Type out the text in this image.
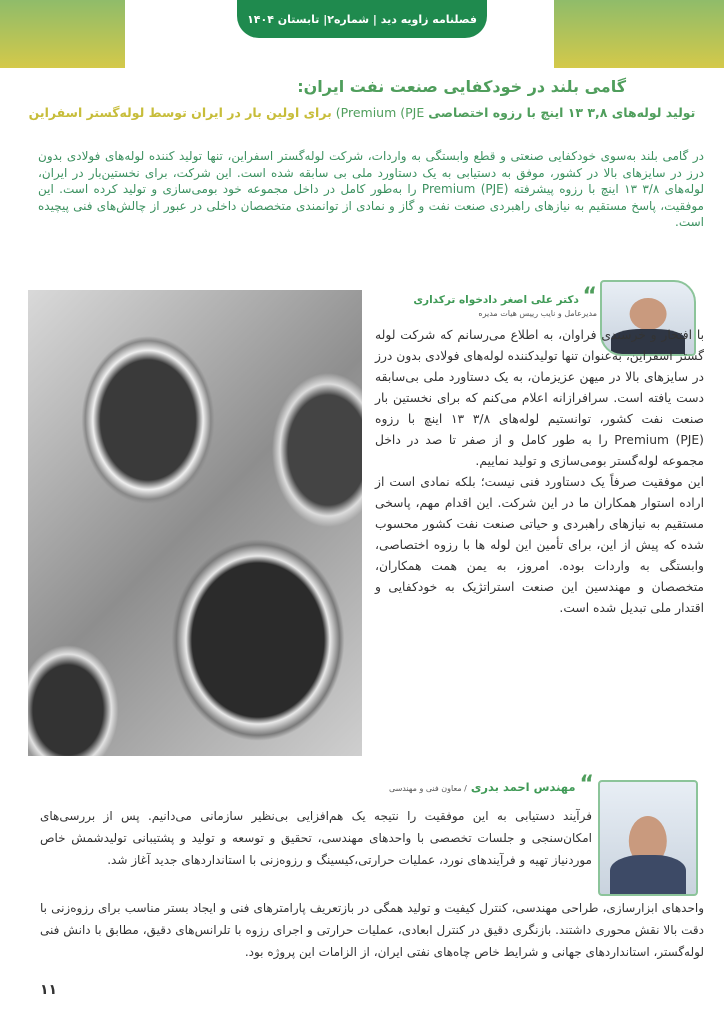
فصلنامه زاویه دید | شماره۲| تابستان ۱۴۰۴
گامی بلند در خودکفایی صنعت نفت ایران:
تولید لوله‌های ۳,۸ ۱۳ اینچ با رزوه اختصاصی (Premium (PJE برای اولین بار در ایران توسط لوله‌گستر اسفراین
در گامی بلند به‌سوی خودکفایی صنعتی و قطع وابستگی به واردات، شرکت لوله‌گستر اسفراین، تنها تولید کننده لوله‌های فولادی بدون درز در سایزهای بالا در کشور، موفق به دستیابی به یک دستاورد ملی بی سابقه شده است. این شرکت، برای نخستین‌بار در ایران، لوله‌های ۳/۸ ۱۳ اینچ با رزوه پیشرفته Premium (PJE) را به‌طور کامل در داخل مجموعه خود بومی‌سازی و تولید کرده است. این موفقیت، پاسخ مستقیم به نیازهای راهبردی صنعت نفت و گاز و نمادی از توانمندی متخصصان داخلی در عبور از چالش‌های فنی پیچیده است.
“ دکتر علی اصغر دادخواه ترکداری
مدیرعامل و نایب رییس هیات مدیره

با افتخار و خرسندی فراوان، به اطلاع می‌رسانم که شرکت لوله گستر اسفراین، به‌عنوان تنها تولیدکننده لوله‌های فولادی بدون درز در سایزهای بالا در میهن عزیزمان، به یک دستاورد ملی بی‌سابقه دست یافته است. سرافرازانه اعلام می‌کنم که برای نخستین بار صنعت نفت کشور، توانستیم لوله‌های ۳/۸ ۱۳ اینچ با رزوه Premium (PJE) را به طور کامل و از صفر تا صد در داخل مجموعه لوله‌گستر بومی‌سازی و تولید نماییم.

این موفقیت صرفاً یک دستاورد فنی نیست؛ بلکه نمادی است از اراده استوار همکاران ما در این شرکت. این اقدام مهم، پاسخی مستقیم به نیازهای راهبردی و حیاتی صنعت نفت کشور محسوب شده که پیش از این، برای تأمین این لوله ها با رزوه اختصاصی، وابستگی به واردات بوده. امروز، به یمن همت همکاران، متخصصان و مهندسین این صنعت استراتژیک به خودکفایی و اقتدار ملی تبدیل شده است.

“ مهندس احمد بدری / معاون فنی و مهندسی
فرآیند دستیابی به این موفقیت را نتیجه یک هم‌افزایی بی‌نظیر سازمانی می‌دانیم. پس از بررسی‌های امکان‌سنجی و جلسات تخصصی با واحدهای مهندسی، تحقیق و توسعه و تولید و پشتیبانی تولیدشمش خاص موردنیاز تهیه و فرآیندهای نورد، عملیات حرارتی،کیسینگ و رزوه‌زنی با استانداردهای جدید آغاز شد.
واحدهای ابزارسازی، طراحی مهندسی، کنترل کیفیت و تولید همگی در بازتعریف پارامترهای فنی و ایجاد بستر مناسب برای رزوه‌زنی با دقت بالا نقش محوری داشتند. بازنگری دقیق در کنترل ابعادی، عملیات حرارتی و اجرای رزوه با تلرانس‌های دقیق، مطابق با دانش فنی لوله‌گستر، استانداردهای جهانی و شرایط خاص چاه‌های نفتی ایران، از الزامات این پروژه بود.
۱۱
